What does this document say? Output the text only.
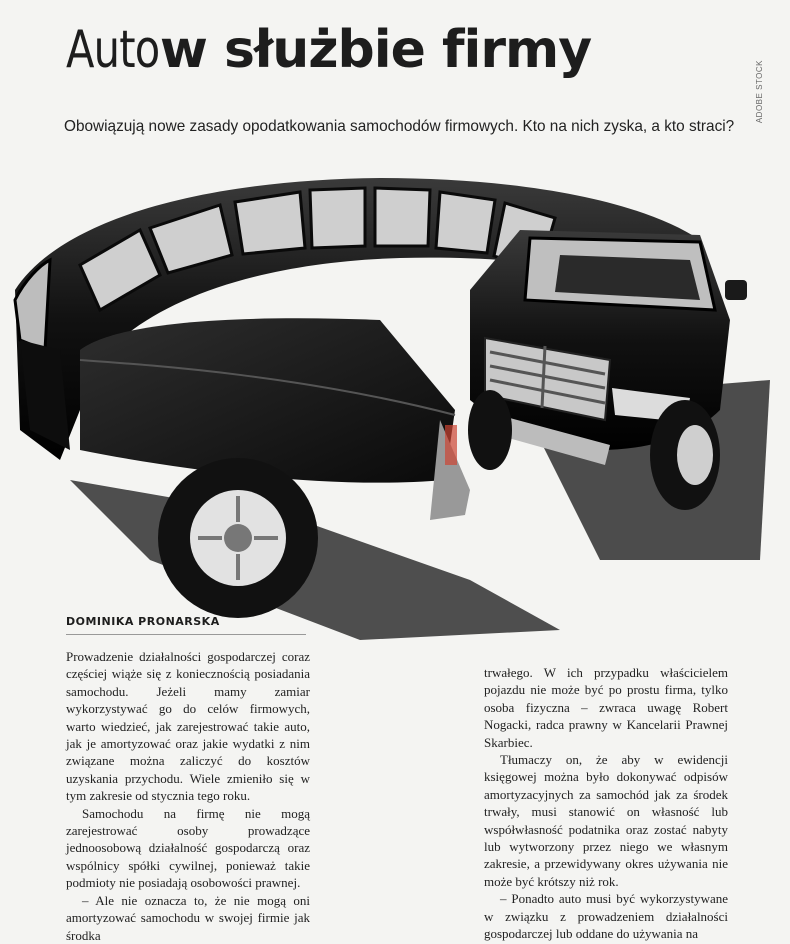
Auto w służbie firmy
ADOBE STOCK
Obowiązują nowe zasady opodatkowania samochodów firmowych. Kto na nich zyska, a kto straci?
DOMINIKA PRONARSKA

Prowadzenie działalności gospodarczej coraz częściej wiąże się z koniecznością posiadania samochodu. Jeżeli mamy zamiar wykorzystywać go do celów firmowych, warto wiedzieć, jak zarejestrować takie auto, jak je amortyzować oraz jakie wydatki z nim związane można zaliczyć do kosztów uzyskania przychodu. Wiele zmieniło się w tym zakresie od stycznia tego roku.

Samochodu na firmę nie mogą zarejestrować osoby prowadzące jednoosobową działalność gospodarczą oraz wspólnicy spółki cywilnej, ponieważ takie podmioty nie posiadają osobowości prawnej.

– Ale nie oznacza to, że nie mogą oni amortyzować samochodu w swojej firmie jak środka

trwałego. W ich przypadku właścicielem pojazdu nie może być po prostu firma, tylko osoba fizyczna – zwraca uwagę Robert Nogacki, radca prawny w Kancelarii Prawnej Skarbiec.

Tłumaczy on, że aby w ewidencji księgowej można było dokonywać odpisów amortyzacyjnych za samochód jak za środek trwały, musi stanowić on własność lub współwłasność podatnika oraz zostać nabyty lub wytworzony przez niego we własnym zakresie, a przewidywany okres używania nie może być krótszy niż rok.

– Ponadto auto musi być wykorzystywane w związku z prowadzeniem działalności gospodarczej lub oddane do używania na
